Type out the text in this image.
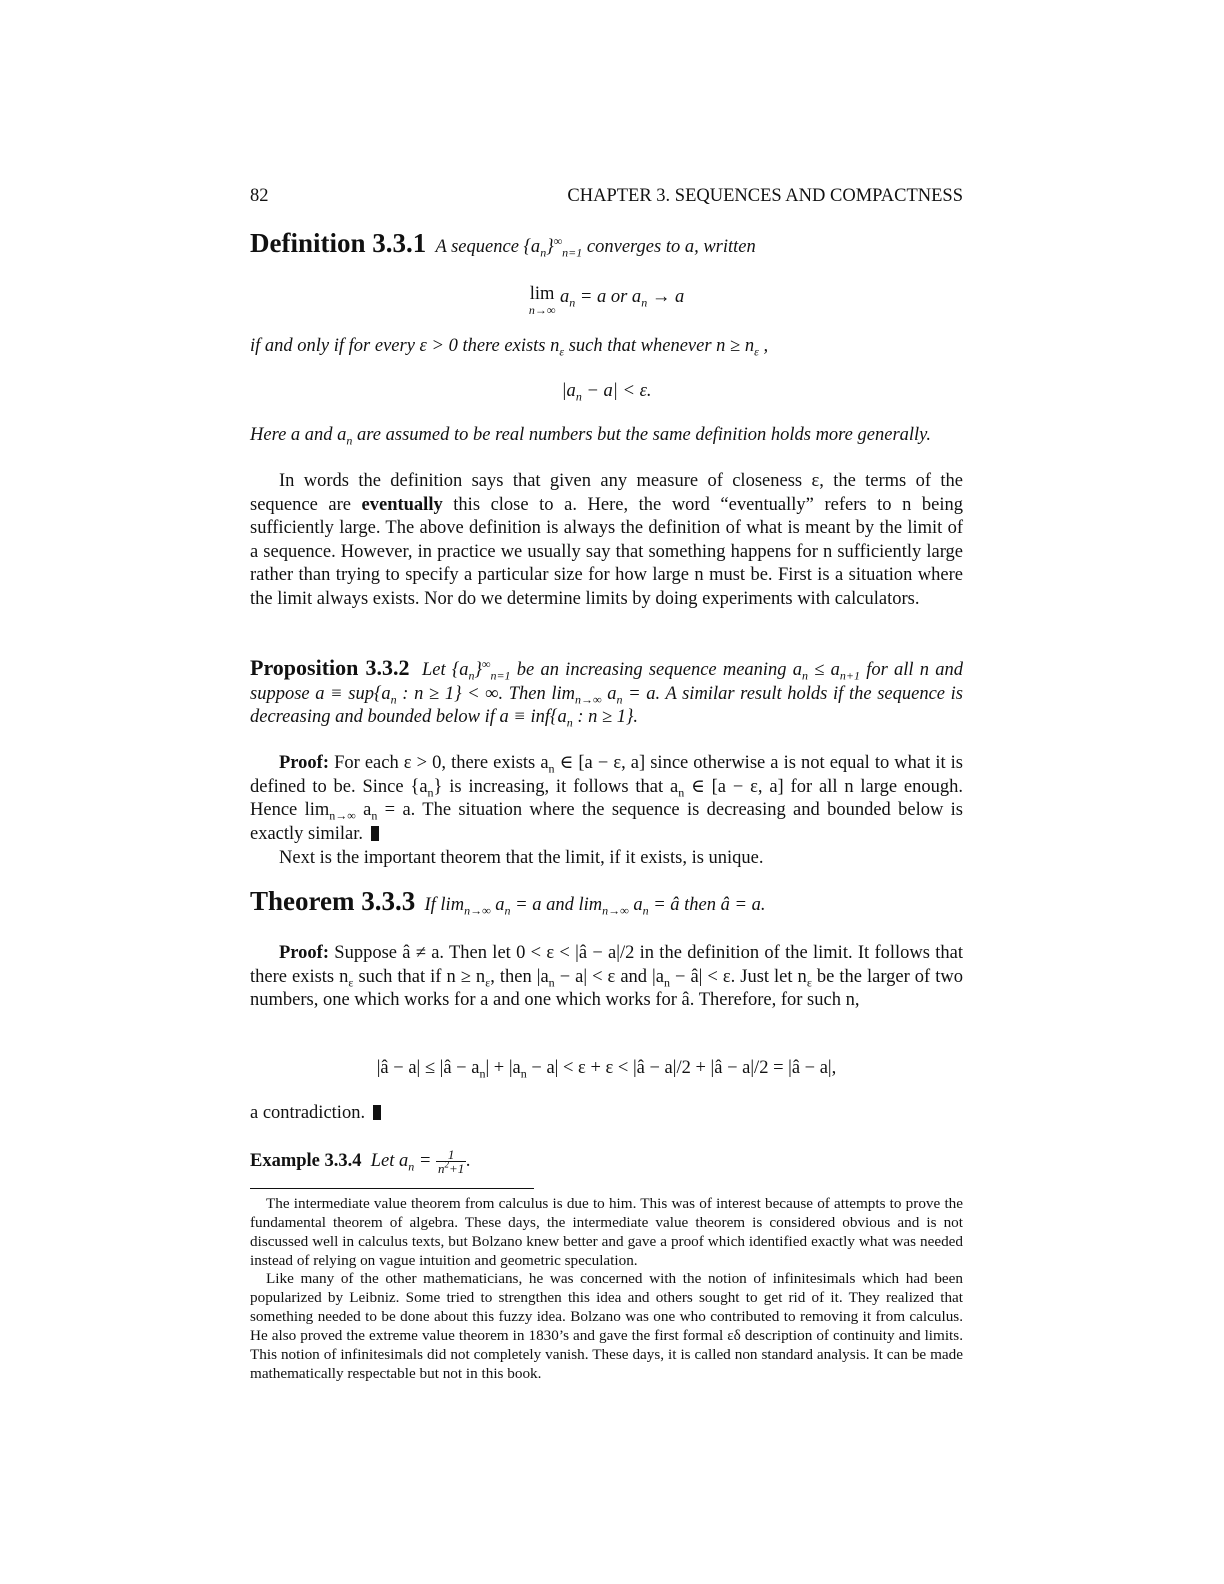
82	CHAPTER 3. SEQUENCES AND COMPACTNESS
Definition 3.3.1 A sequence $\{a_n\}^\infty_{n=1}$ converges to a, written
lim
n→∞
$a_n = a$ or $a_n \to a$
if and only if for every ε > 0 there exists $n_\varepsilon$ such that whenever $n \ge n_\varepsilon$ ,
$|a_n - a| < \varepsilon$.
Here a and $a_n$ are assumed to be real numbers but the same definition holds more generally.
In words the definition says that given any measure of closeness ε, the terms of the sequence are eventually this close to a. Here, the word “eventually” refers to n being sufficiently large. The above definition is always the definition of what is meant by the limit of a sequence. However, in practice we usually say that something happens for n sufficiently large rather than trying to specify a particular size for how large n must be. First is a situation where the limit always exists. Nor do we determine limits by doing experiments with calculators.
Proposition 3.3.2 Let $\{a_n\}^\infty_{n=1}$ be an increasing sequence meaning $a_n \le a_{n+1}$ for all n and suppose $a \equiv sup\{a_n$ : n ≥ 1} < ∞. Then $\lim_{n\to\infty} a_n = a$. A similar result holds if the sequence is decreasing and bounded below if $a \equiv inf\{a_n$ : n ≥ 1}.
Proof: For each ε > 0, there exists $a_n$ ∈ [a − ε, a] since otherwise a is not equal to what it is defined to be. Since $\{a_n\}$ is increasing, it follows that $a_n$ ∈ [a − ε, a] for all n large enough. Hence $\lim_{n\to\infty} a_n = a$. The situation where the sequence is decreasing and bounded below is exactly similar.
Next is the important theorem that the limit, if it exists, is unique.
Theorem 3.3.3 If $\lim_{n\to\infty} a_n = a$ and $\lim_{n\to\infty} a_n$ = â then â = a.
Proof: Suppose â ≠ a. Then let 0 < ε < |â − a|/2 in the definition of the limit. It follows that there exists $n_\varepsilon$ such that if $n \ge n_\varepsilon$, then $|a_n - a| < \varepsilon$ and $|a_n$ − â| < ε. Just let $n_\varepsilon$ be the larger of two numbers, one which works for a and one which works for â. Therefore, for such n,
|â − a| ≤ |â − $a_n| + |a_n - a| < \varepsilon + \varepsilon$ < |â − a|/2 + |â − a|/2 = |â − a|,
a contradiction.
Example 3.3.4 Let $a_n = \frac{1}{n^2+1}$ .
The intermediate value theorem from calculus is due to him. This was of interest because of attempts to prove the fundamental theorem of algebra. These days, the intermediate value theorem is considered obvious and is not discussed well in calculus texts, but Bolzano knew better and gave a proof which identified exactly what was needed instead of relying on vague intuition and geometric speculation.
Like many of the other mathematicians, he was concerned with the notion of infinitesimals which had been popularized by Leibniz. Some tried to strengthen this idea and others sought to get rid of it. They realized that something needed to be done about this fuzzy idea. Bolzano was one who contributed to removing it from calculus. He also proved the extreme value theorem in 1830’s and gave the first formal εδ description of continuity and limits. This notion of infinitesimals did not completely vanish. These days, it is called non standard analysis. It can be made mathematically respectable but not in this book.
